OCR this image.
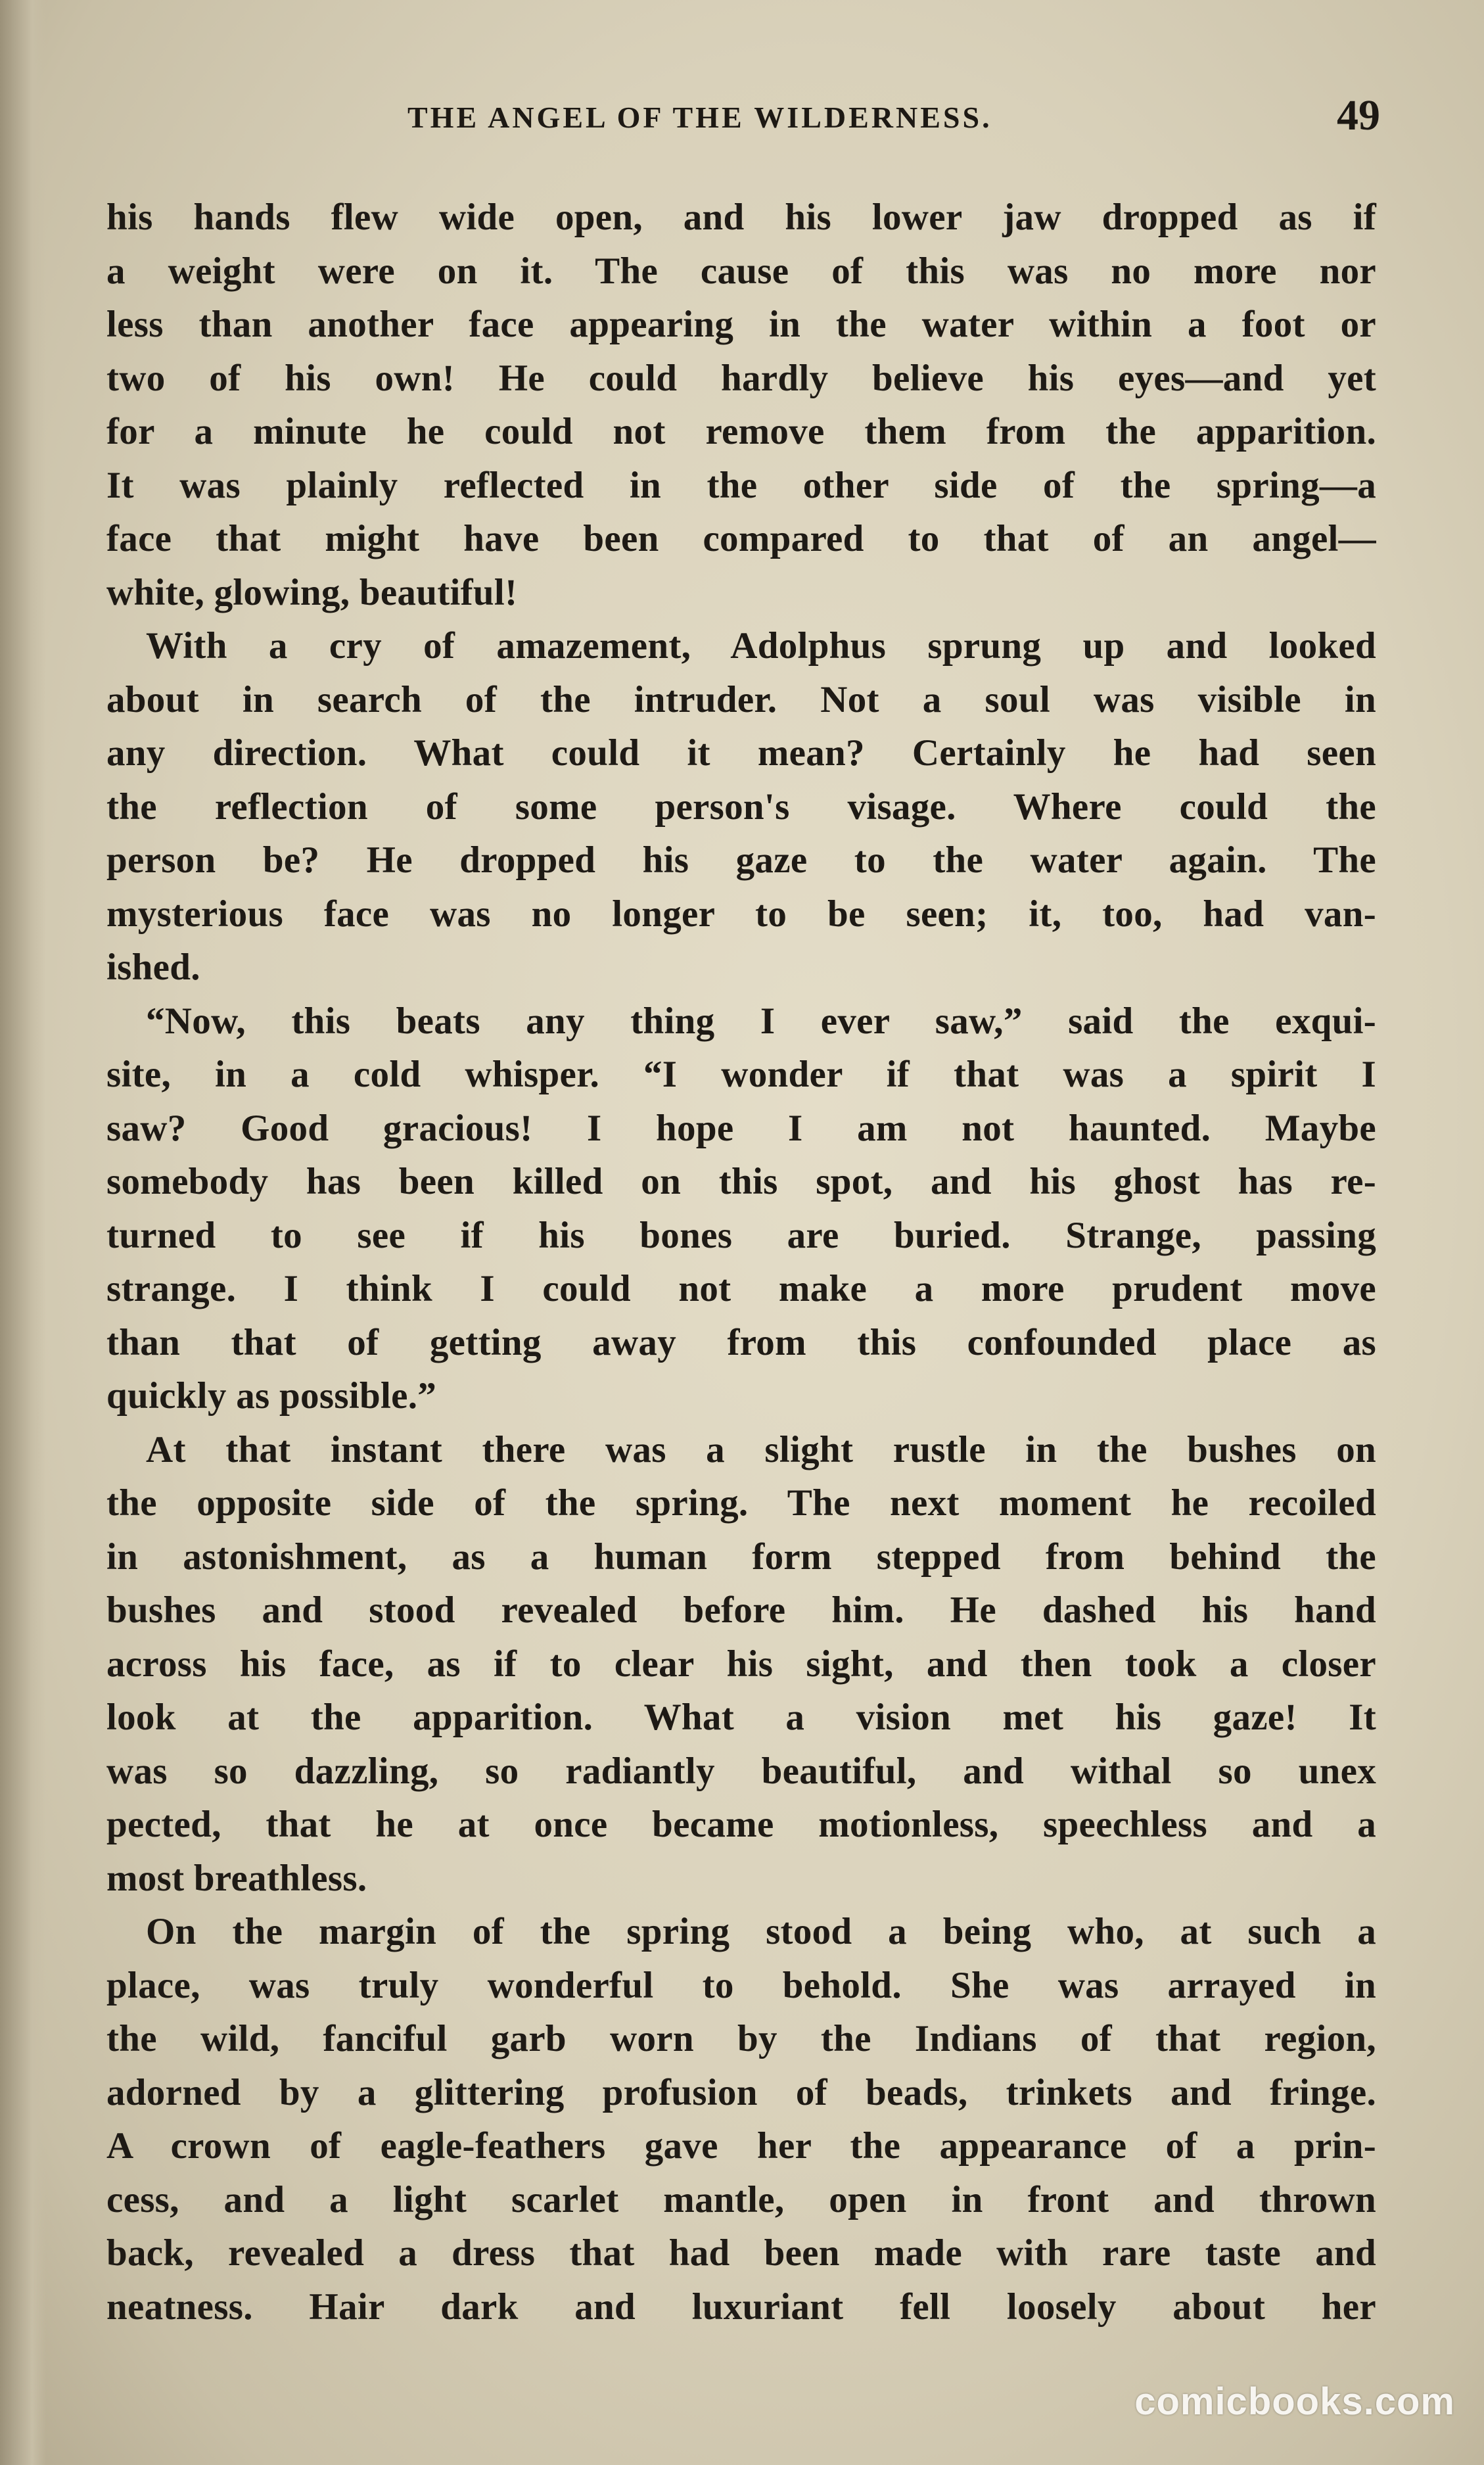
THE ANGEL OF THE WILDERNESS.	49
his hands flew wide open, and his lower jaw dropped as if
a weight were on it. The cause of this was no more nor
less than another face appearing in the water within a foot or
two of his own! He could hardly believe his eyes—and yet
for a minute he could not remove them from the apparition.
It was plainly reflected in the other side of the spring—a
face that might have been compared to that of an angel—
white, glowing, beautiful!
With a cry of amazement, Adolphus sprung up and looked
about in search of the intruder. Not a soul was visible in
any direction. What could it mean? Certainly he had seen
the reflection of some person's visage. Where could the
person be? He dropped his gaze to the water again. The
mysterious face was no longer to be seen; it, too, had van-
ished.
“Now, this beats any thing I ever saw,” said the exqui-
site, in a cold whisper. “I wonder if that was a spirit I
saw? Good gracious! I hope I am not haunted. Maybe
somebody has been killed on this spot, and his ghost has re-
turned to see if his bones are buried. Strange, passing
strange. I think I could not make a more prudent move
than that of getting away from this confounded place as
quickly as possible.”
At that instant there was a slight rustle in the bushes on
the opposite side of the spring. The next moment he recoiled
in astonishment, as a human form stepped from behind the
bushes and stood revealed before him. He dashed his hand
across his face, as if to clear his sight, and then took a closer
look at the apparition. What a vision met his gaze! It
was so dazzling, so radiantly beautiful, and withal so unex
pected, that he at once became motionless, speechless and a
most breathless.
On the margin of the spring stood a being who, at such a
place, was truly wonderful to behold. She was arrayed in
the wild, fanciful garb worn by the Indians of that region,
adorned by a glittering profusion of beads, trinkets and fringe.
A crown of eagle-feathers gave her the appearance of a prin-
cess, and a light scarlet mantle, open in front and thrown
back, revealed a dress that had been made with rare taste and
neatness. Hair dark and luxuriant fell loosely about her
comicbooks.com
